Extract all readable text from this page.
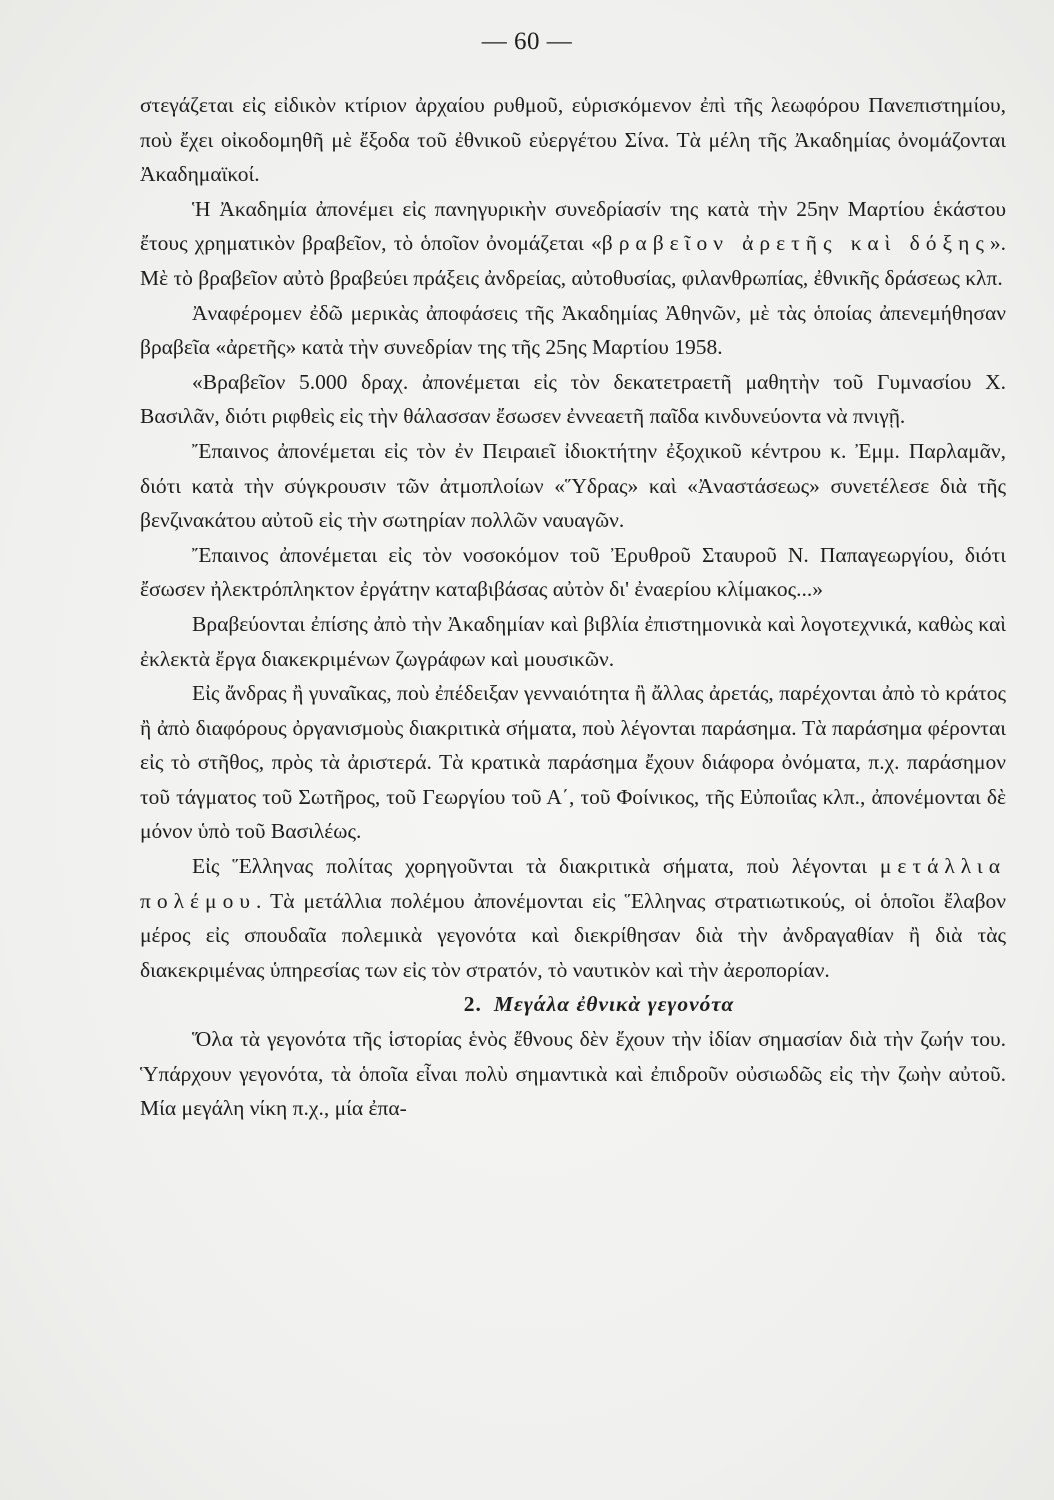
— 60 —

στεγάζεται εἰς εἰδικὸν κτίριον ἀρχαίου ρυθμοῦ, εὑρισκόμενον ἐπὶ τῆς λεωφόρου Πανεπιστημίου, ποὺ ἔχει οἰκοδομηθῆ μὲ ἔξοδα τοῦ ἐθνικοῦ εὐεργέτου Σίνα. Τὰ μέλη τῆς Ἀκαδημίας ὀνομάζονται Ἀκαδημαϊκοί.

Ἡ Ἀκαδημία ἀπονέμει εἰς πανηγυρικὴν συνεδρίασίν της κατὰ τὴν 25ην Μαρτίου ἑκάστου ἔτους χρηματικὸν βραβεῖον, τὸ ὁποῖον ὀνομάζεται «βραβεῖον ἀρετῆς καὶ δόξης». Μὲ τὸ βραβεῖον αὐτὸ βραβεύει πράξεις ἀνδρείας, αὐτοθυσίας, φιλανθρωπίας, ἐθνικῆς δράσεως κλπ.

Ἀναφέρομεν ἐδῶ μερικὰς ἀποφάσεις τῆς Ἀκαδημίας Ἀθηνῶν, μὲ τὰς ὁποίας ἀπενεμήθησαν βραβεῖα «ἀρετῆς» κατὰ τὴν συνεδρίαν της τῆς 25ης Μαρτίου 1958.

«Βραβεῖον 5.000 δραχ. ἀπονέμεται εἰς τὸν δεκατετραετῆ μαθητὴν τοῦ Γυμνασίου Χ. Βασιλᾶν, διότι ριφθεὶς εἰς τὴν θάλασσαν ἔσωσεν ἐννεαετῆ παῖδα κινδυνεύοντα νὰ πνιγῇ.

Ἔπαινος ἀπονέμεται εἰς τὸν ἐν Πειραιεῖ ἰδιοκτήτην ἐξοχικοῦ κέντρου κ. Ἐμμ. Παρλαμᾶν, διότι κατὰ τὴν σύγκρουσιν τῶν ἀτμοπλοίων «Ὕδρας» καὶ «Ἀναστάσεως» συνετέλεσε διὰ τῆς βενζινακάτου αὐτοῦ εἰς τὴν σωτηρίαν πολλῶν ναυαγῶν.

Ἔπαινος ἀπονέμεται εἰς τὸν νοσοκόμον τοῦ Ἐρυθροῦ Σταυροῦ Ν. Παπαγεωργίου, διότι ἔσωσεν ἠλεκτρόπληκτον ἐργάτην καταβιβάσας αὐτὸν δι' ἐναερίου κλίμακος...»

Βραβεύονται ἐπίσης ἀπὸ τὴν Ἀκαδημίαν καὶ βιβλία ἐπιστημονικὰ καὶ λογοτεχνικά, καθὼς καὶ ἐκλεκτὰ ἔργα διακεκριμένων ζωγράφων καὶ μουσικῶν.

Εἰς ἄνδρας ἢ γυναῖκας, ποὺ ἐπέδειξαν γενναιότητα ἢ ἄλλας ἀρετάς, παρέχονται ἀπὸ τὸ κράτος ἢ ἀπὸ διαφόρους ὀργανισμοὺς διακριτικὰ σήματα, ποὺ λέγονται παράσημα. Τὰ παράσημα φέρονται εἰς τὸ στῆθος, πρὸς τὰ ἀριστερά. Τὰ κρατικὰ παράσημα ἔχουν διάφορα ὀνόματα, π.χ. παράσημον τοῦ τάγματος τοῦ Σωτῆρος, τοῦ Γεωργίου τοῦ Α΄, τοῦ Φοίνικος, τῆς Εὐποιΐας κλπ., ἀπονέμονται δὲ μόνον ὑπὸ τοῦ Βασιλέως.

Εἰς Ἕλληνας πολίτας χορηγοῦνται τὰ διακριτικὰ σήματα, ποὺ λέγονται μετάλλια πολέμου. Τὰ μετάλλια πολέμου ἀπονέμονται εἰς Ἕλληνας στρατιωτικούς, οἱ ὁποῖοι ἔλαβον μέρος εἰς σπουδαῖα πολεμικὰ γεγονότα καὶ διεκρίθησαν διὰ τὴν ἀνδραγαθίαν ἢ διὰ τὰς διακεκριμένας ὑπηρεσίας των εἰς τὸν στρατόν, τὸ ναυτικὸν καὶ τὴν ἀεροπορίαν.

2. Μεγάλα ἐθνικὰ γεγονότα

Ὅλα τὰ γεγονότα τῆς ἱστορίας ἑνὸς ἔθνους δὲν ἔχουν τὴν ἰδίαν σημασίαν διὰ τὴν ζωήν του. Ὑπάρχουν γεγονότα, τὰ ὁποῖα εἶναι πολὺ σημαντικὰ καὶ ἐπιδροῦν οὐσιωδῶς εἰς τὴν ζωὴν αὐτοῦ. Μία μεγάλη νίκη π.χ., μία ἐπα-
